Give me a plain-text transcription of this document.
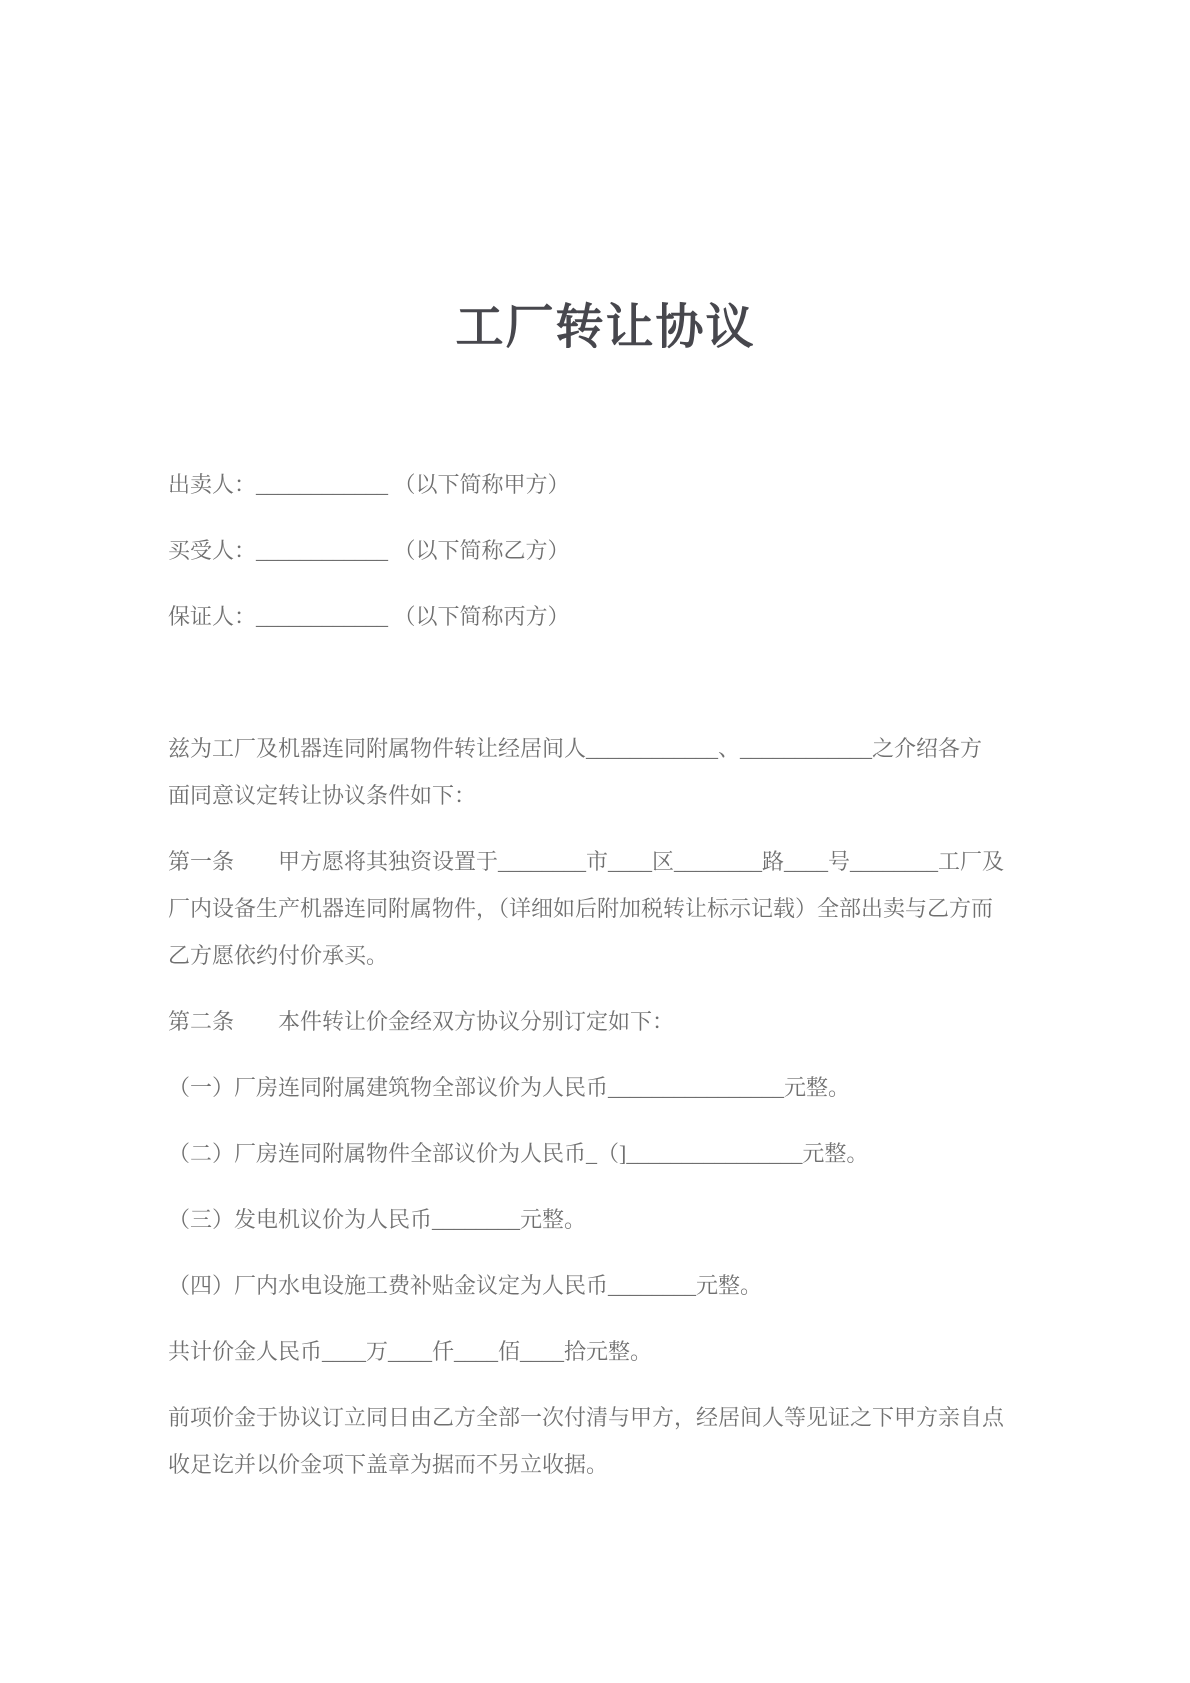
工厂转让协议
出卖人：____________ （以下简称甲方）
买受人：____________ （以下简称乙方）
保证人：____________ （以下简称丙方）
兹为工厂及机器连同附属物件转让经居间人____________、____________之介绍各方
面同意议定转让协议条件如下：
第一条　　甲方愿将其独资设置于________市____区________路____号________工厂及
厂内设备生产机器连同附属物件，（详细如后附加税转让标示记载）全部出卖与乙方而
乙方愿依约付价承买。
第二条　　本件转让价金经双方协议分别订定如下：
（一）厂房连同附属建筑物全部议价为人民币________________元整。
（二）厂房连同附属物件全部议价为人民币_（]________________元整。
（三）发电机议价为人民币________元整。
（四）厂内水电设施工费补贴金议定为人民币________元整。
共计价金人民币____万____仟____佰____拾元整。
前项价金于协议订立同日由乙方全部一次付清与甲方，经居间人等见证之下甲方亲自点
收足讫并以价金项下盖章为据而不另立收据。
